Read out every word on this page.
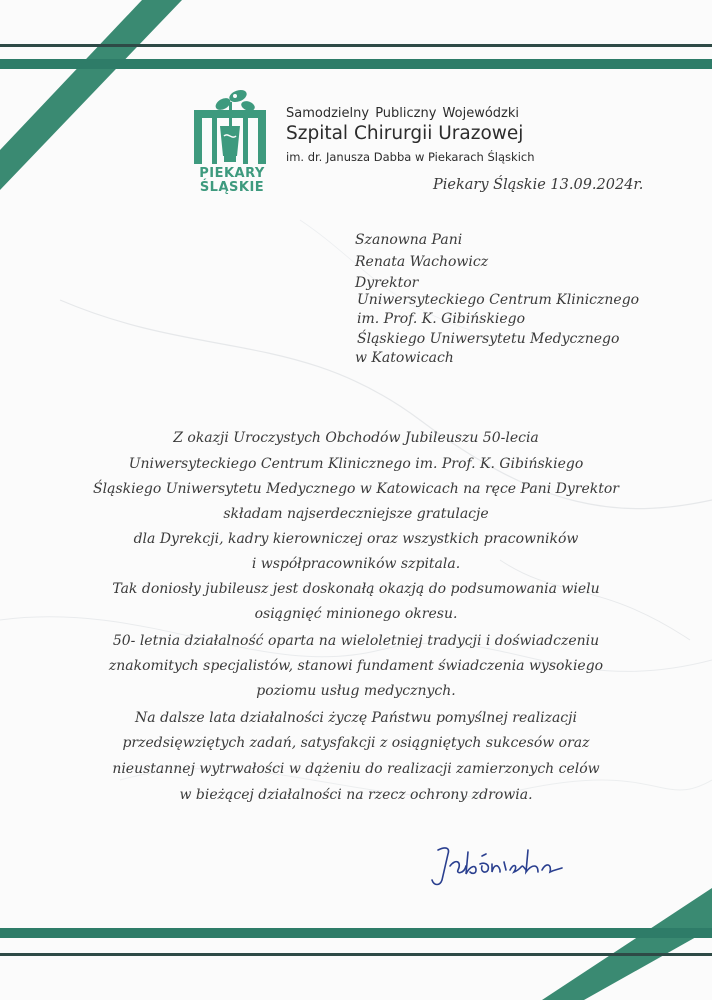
PIEKARY
ŚLĄSKIE
Samodzielny Publiczny Wojewódzki
Szpital Chirurgii Urazowej
im. dr. Janusza Dabba w Piekarach Śląskich
Piekary Śląskie 13.09.2024r.
Szanowna Pani
Renata Wachowicz
Dyrektor
Uniwersyteckiego Centrum Klinicznego
im. Prof. K. Gibińskiego
Śląskiego Uniwersytetu Medycznego
w Katowicach
Z okazji Uroczystych Obchodów Jubileuszu 50-lecia
Uniwersyteckiego Centrum Klinicznego im. Prof. K. Gibińskiego
Śląskiego Uniwersytetu Medycznego w Katowicach na ręce Pani Dyrektor
składam najserdeczniejsze gratulacje
dla Dyrekcji, kadry kierowniczej oraz wszystkich pracowników
i współpracowników szpitala.
Tak doniosły jubileusz jest doskonałą okazją do podsumowania wielu
osiągnięć minionego okresu.
50- letnia działalność oparta na wieloletniej tradycji i doświadczeniu
znakomitych specjalistów, stanowi fundament świadczenia wysokiego
poziomu usług medycznych.
Na dalsze lata działalności życzę Państwu pomyślnej realizacji
przedsięwziętych zadań, satysfakcji z osiągniętych sukcesów oraz
nieustannej wytrwałości w dążeniu do realizacji zamierzonych celów
w bieżącej działalności na rzecz ochrony zdrowia.
